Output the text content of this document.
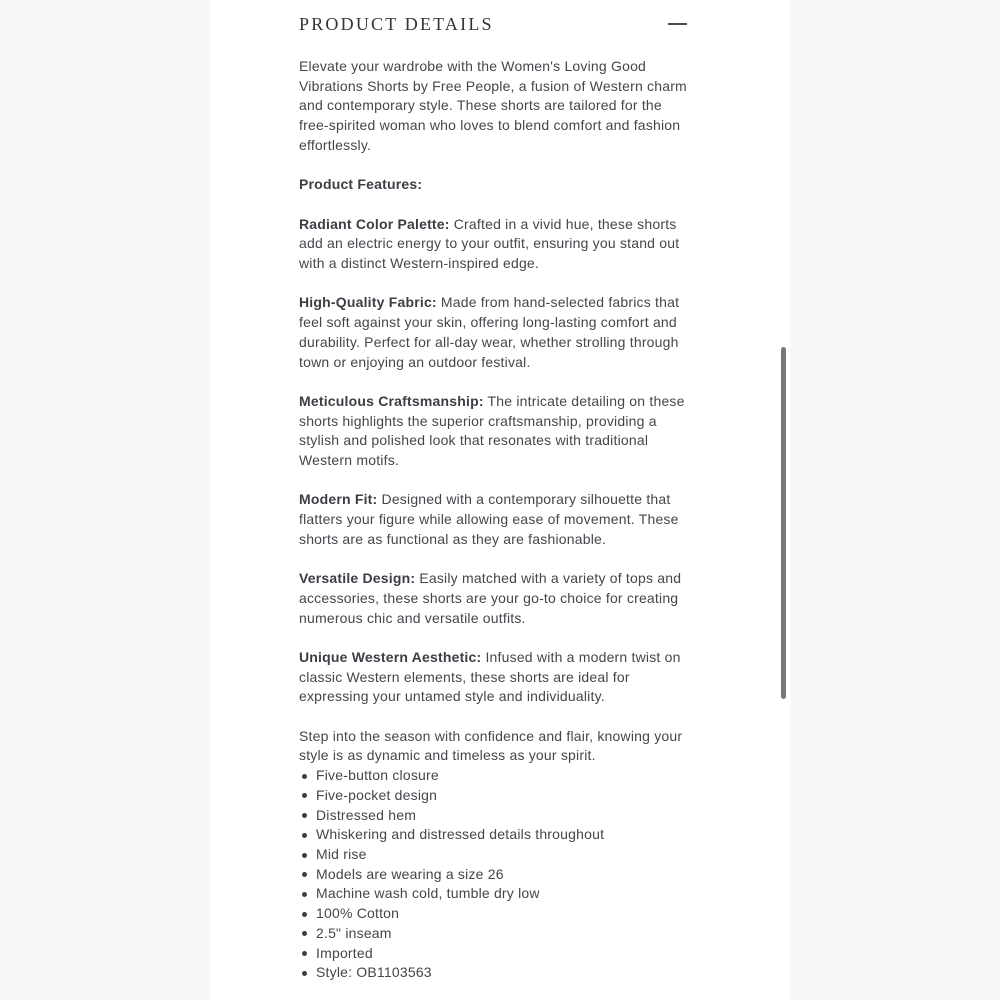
PRODUCT DETAILS

Elevate your wardrobe with the Women's Loving Good Vibrations Shorts by Free People, a fusion of Western charm and contemporary style. These shorts are tailored for the free-spirited woman who loves to blend comfort and fashion effortlessly.

Product Features:

Radiant Color Palette: Crafted in a vivid hue, these shorts add an electric energy to your outfit, ensuring you stand out with a distinct Western-inspired edge.

High-Quality Fabric: Made from hand-selected fabrics that feel soft against your skin, offering long-lasting comfort and durability. Perfect for all-day wear, whether strolling through town or enjoying an outdoor festival.

Meticulous Craftsmanship: The intricate detailing on these shorts highlights the superior craftsmanship, providing a stylish and polished look that resonates with traditional Western motifs.

Modern Fit: Designed with a contemporary silhouette that flatters your figure while allowing ease of movement. These shorts are as functional as they are fashionable.

Versatile Design: Easily matched with a variety of tops and accessories, these shorts are your go-to choice for creating numerous chic and versatile outfits.

Unique Western Aesthetic: Infused with a modern twist on classic Western elements, these shorts are ideal for expressing your untamed style and individuality.

Step into the season with confidence and flair, knowing your style is as dynamic and timeless as your spirit.

Five-button closure
Five-pocket design
Distressed hem
Whiskering and distressed details throughout
Mid rise
Models are wearing a size 26
Machine wash cold, tumble dry low
100% Cotton
2.5" inseam
Imported
Style: OB1103563
